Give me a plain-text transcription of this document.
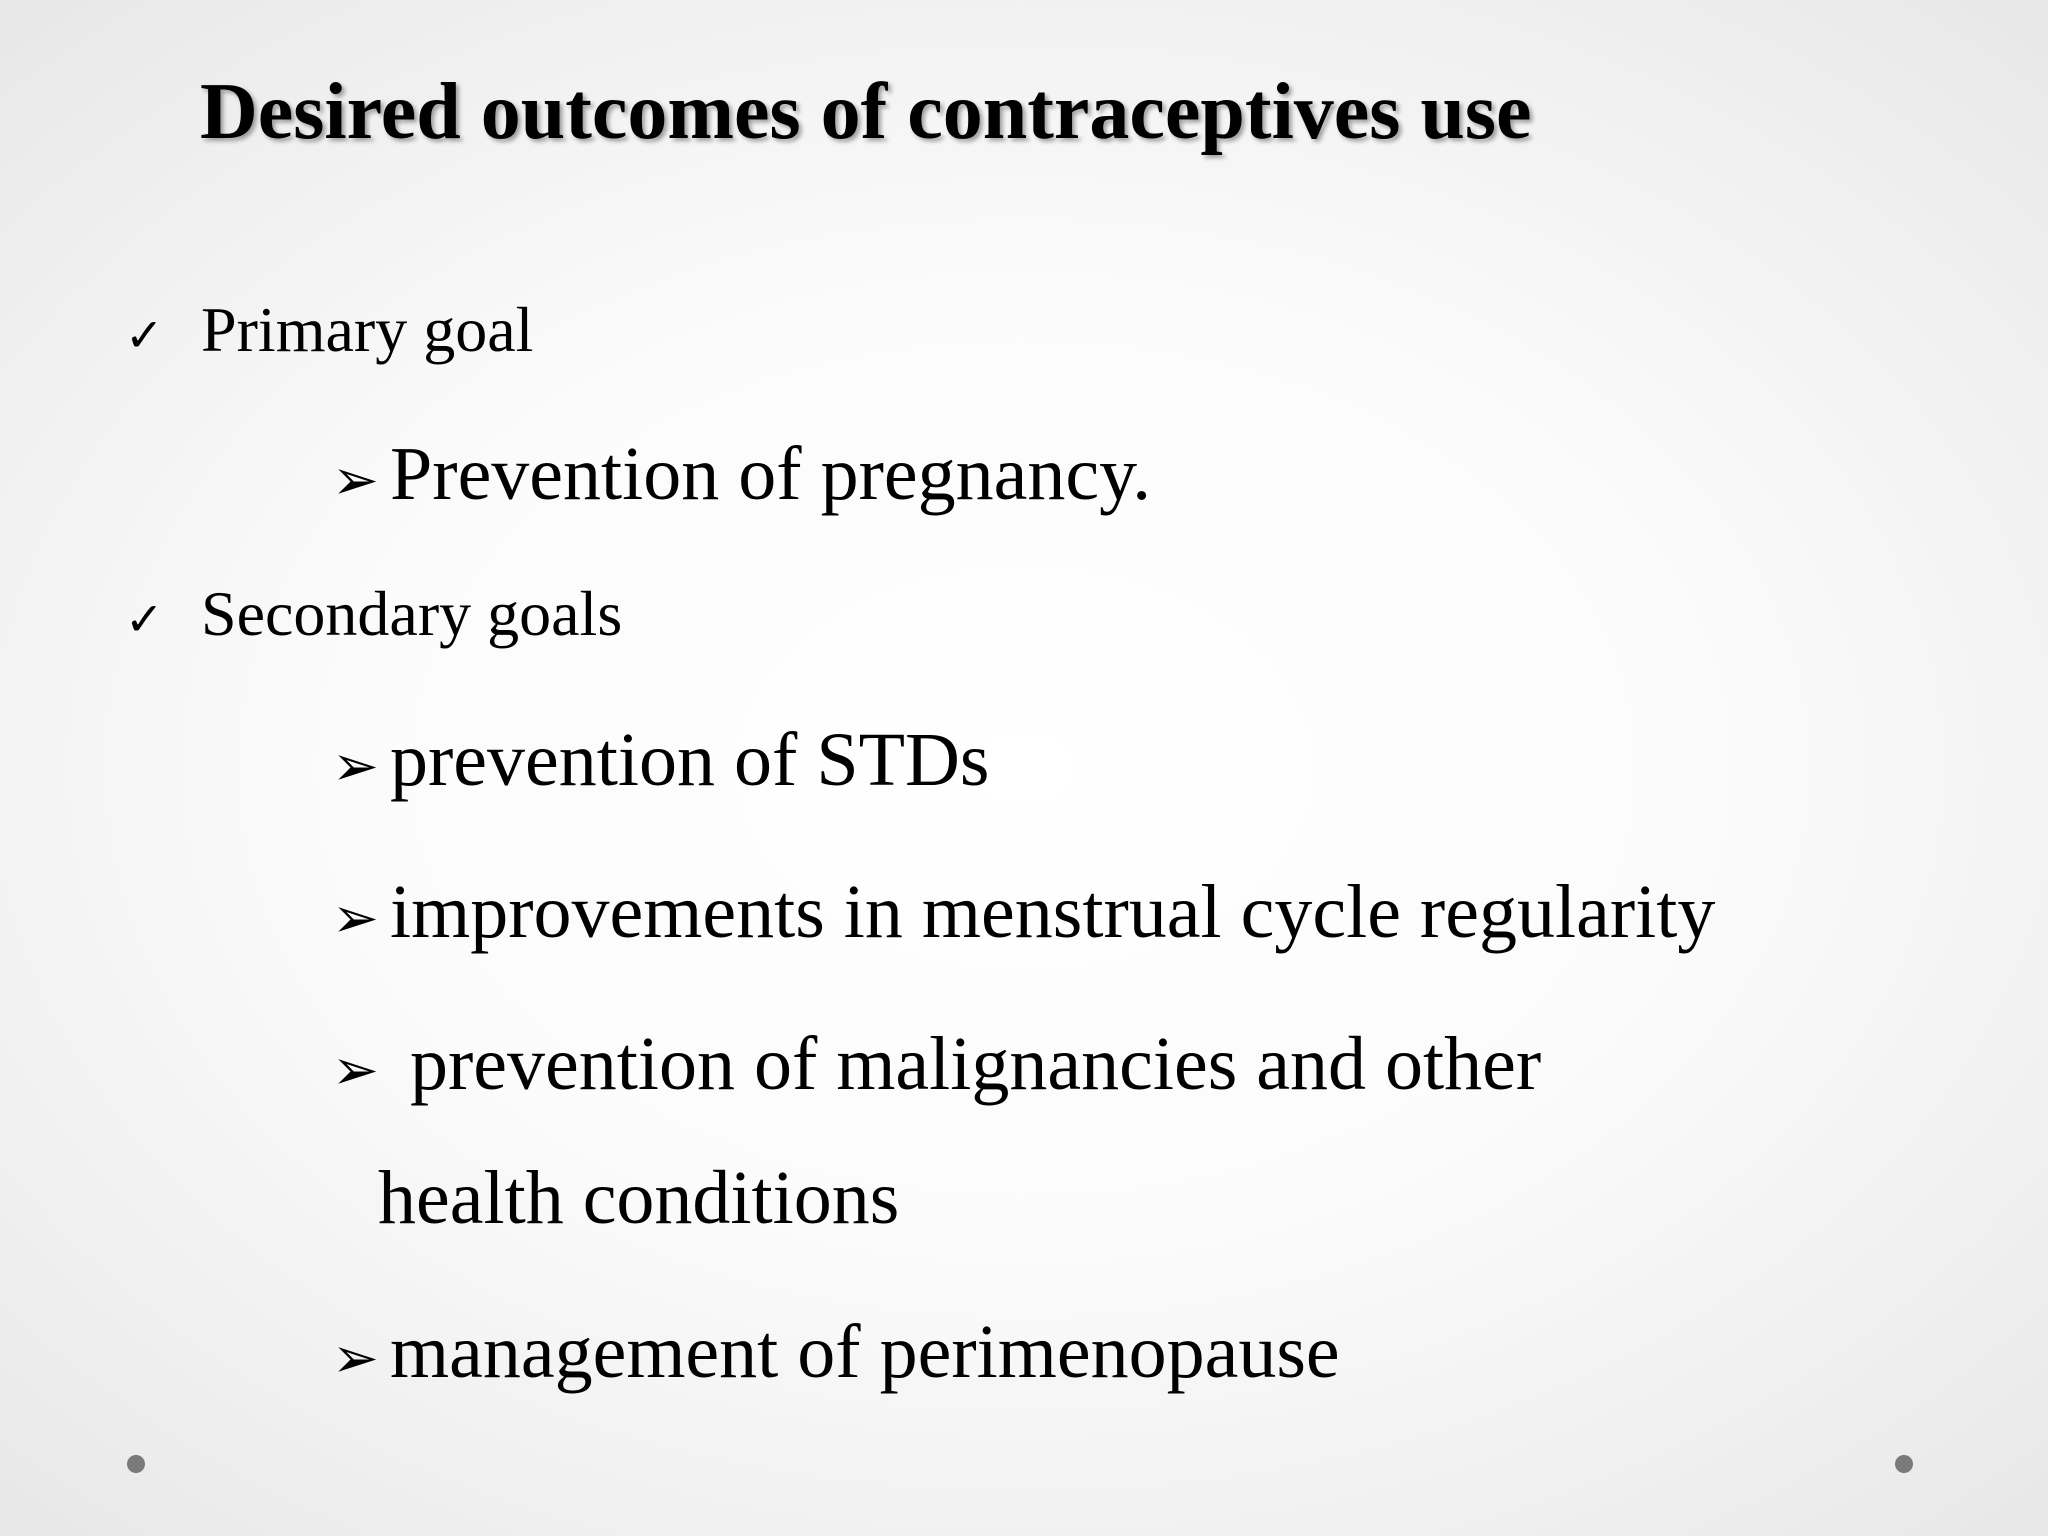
Desired outcomes of contraceptives use
✓ Primary goal
➢ Prevention of pregnancy.
✓ Secondary goals
➢ prevention of STDs
➢ improvements in menstrual cycle regularity
➢ prevention of malignancies and other
health conditions
➢ management of perimenopause
